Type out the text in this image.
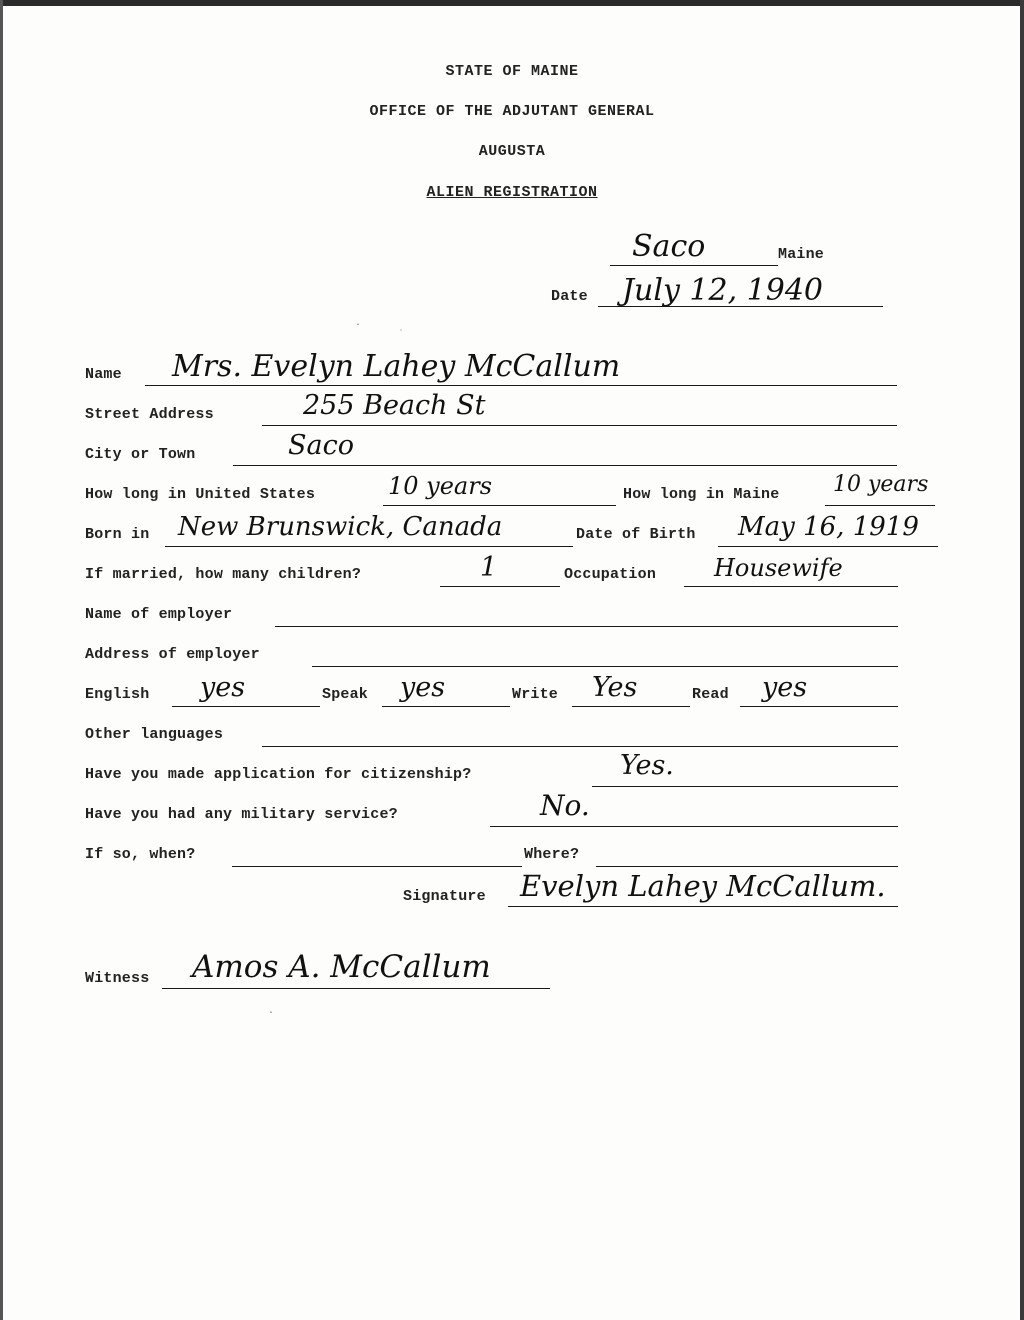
STATE OF MAINE
OFFICE OF THE ADJUTANT GENERAL
AUGUSTA
ALIEN REGISTRATION
Saco	Maine
Date July 12, 1940
Name Mrs. Evelyn Lahey McCallum
Street Address	255 Beach St
City or Town	Saco
How long in United States	10 years	How long in Maine 10 years
Born in New Brunswick, Canada	Date of Birth May 16, 1919
If married, how many children?	1	Occupation Housewife
Name of employer
Address of employer
English yes	Speak yes	Write Yes	Read yes
Other languages
Have you made application for citizenship?	Yes.
Have you had any military service?	No.
If so, when?	Where?
Signature Evelyn Lahey McCallum.
Witness Amos A. McCallum
·
˙
·
